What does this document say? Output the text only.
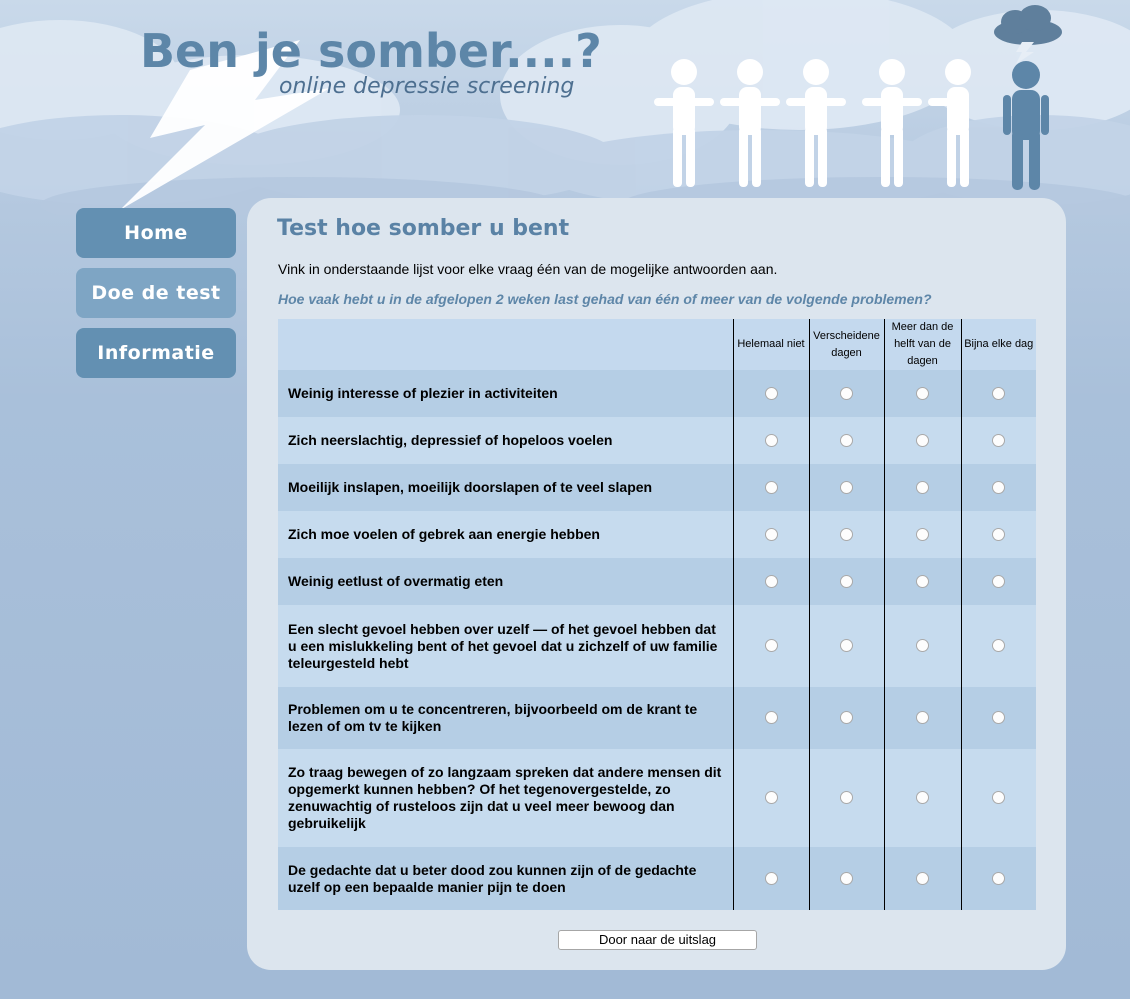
Ben je somber....?
online depressie screening
Home
Doe de test
Informatie
Test hoe somber u bent
Vink in onderstaande lijst voor elke vraag één van de mogelijke antwoorden aan.
Hoe vaak hebt u in de afgelopen 2 weken last gehad van één of meer van de volgende problemen?
	Helemaal niet	Verscheidene dagen	Meer dan de helft van de dagen	Bijna elke dag
Weinig interesse of plezier in activiteiten				
Zich neerslachtig, depressief of hopeloos voelen				
Moeilijk inslapen, moeilijk doorslapen of te veel slapen				
Zich moe voelen of gebrek aan energie hebben				
Weinig eetlust of overmatig eten				
Een slecht gevoel hebben over uzelf — of het gevoel hebben dat u een mislukkeling bent of het gevoel dat u zichzelf of uw familie teleurgesteld hebt				
Problemen om u te concentreren, bijvoorbeeld om de krant te lezen of om tv te kijken				
Zo traag bewegen of zo langzaam spreken dat andere mensen dit opgemerkt kunnen hebben? Of het tegenovergestelde, zo zenuwachtig of rusteloos zijn dat u veel meer bewoog dan gebruikelijk				
De gedachte dat u beter dood zou kunnen zijn of de gedachte uzelf op een bepaalde manier pijn te doen				
Door naar de uitslag
